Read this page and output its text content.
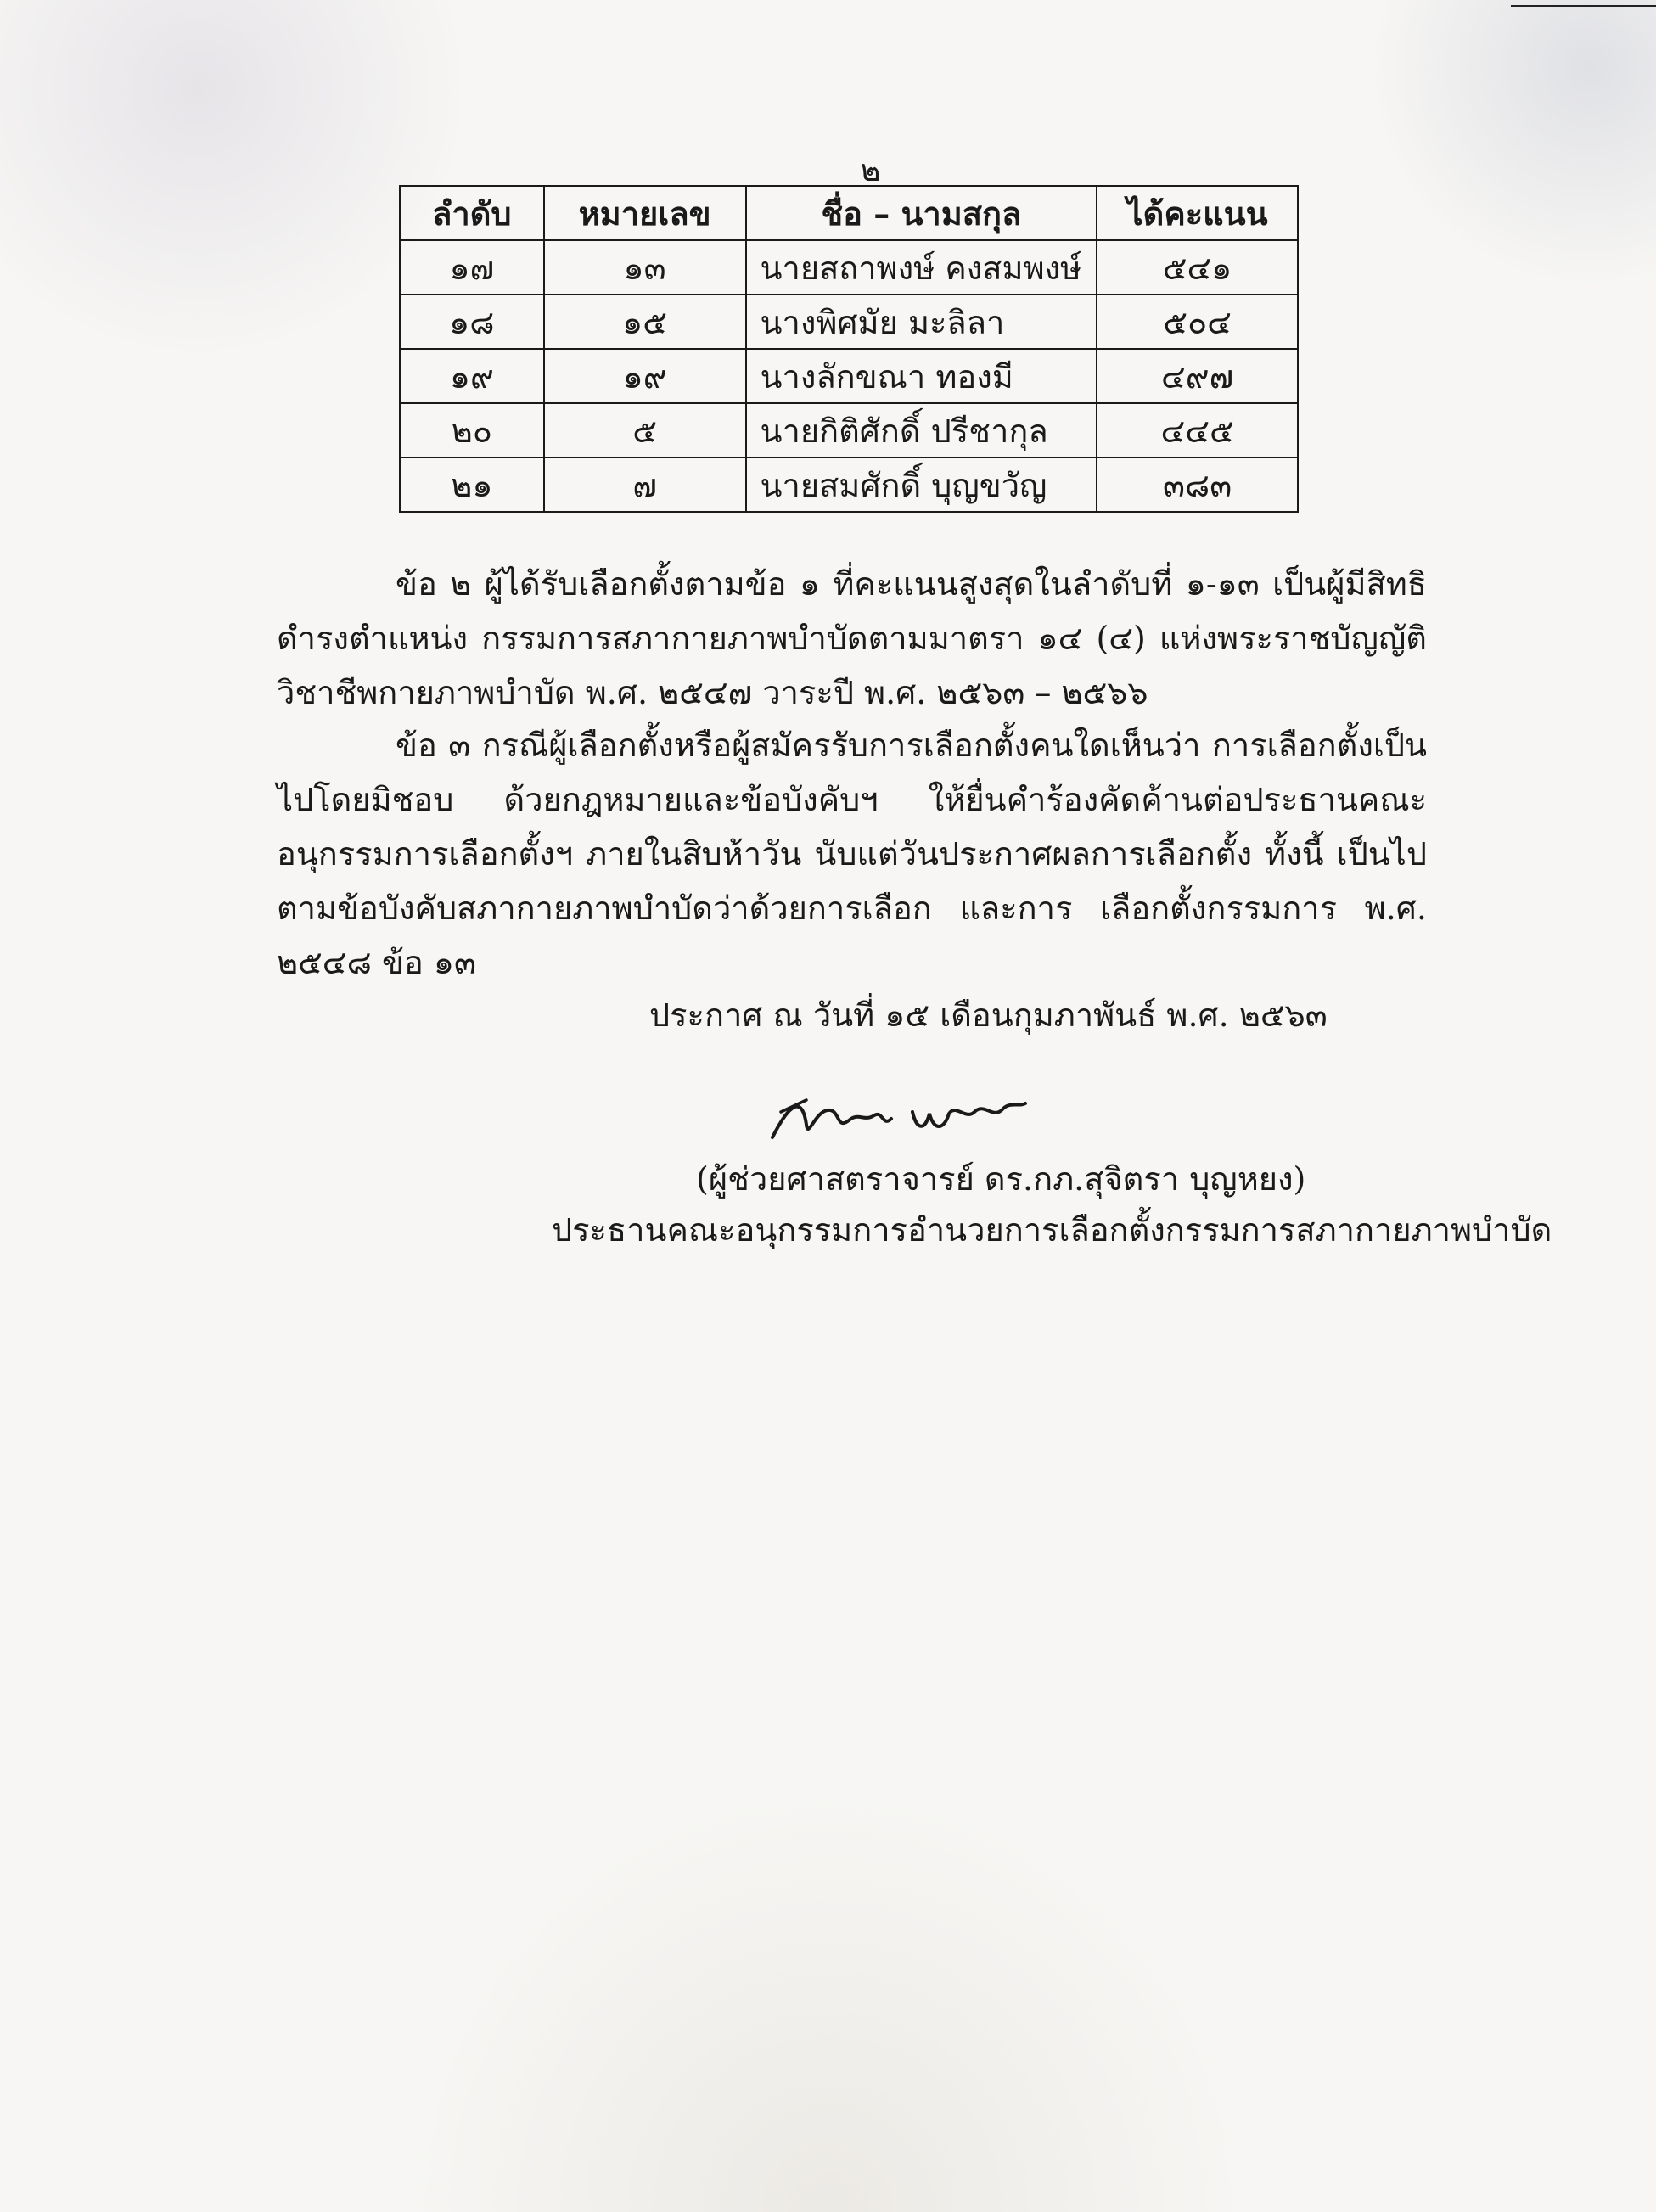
๒
ลำดับ	หมายเลข	ชื่อ – นามสกุล	ได้คะแนน
๑๗	๑๓	นายสถาพงษ์ คงสมพงษ์	๕๔๑
๑๘	๑๕	นางพิศมัย มะลิลา	๕๐๔
๑๙	๑๙	นางลักขณา ทองมี	๔๙๗
๒๐	๕	นายกิติศักดิ์ ปรีชากุล	๔๔๕
๒๑	๗	นายสมศักดิ์ บุญขวัญ	๓๘๓

ข้อ ๒ ผู้ได้รับเลือกตั้งตามข้อ ๑ ที่คะแนนสูงสุดในลำดับที่ ๑-๑๓ เป็นผู้มีสิทธิดำรงตำแหน่ง กรรมการสภากายภาพบำบัดตามมาตรา ๑๔ (๔) แห่งพระราชบัญญัติวิชาชีพกายภาพบำบัด พ.ศ. ๒๕๔๗ วาระปี พ.ศ. ๒๕๖๓ – ๒๕๖๖

ข้อ ๓ กรณีผู้เลือกตั้งหรือผู้สมัครรับการเลือกตั้งคนใดเห็นว่า การเลือกตั้งเป็นไปโดยมิชอบ ด้วยกฎหมายและข้อบังคับฯ ให้ยื่นคำร้องคัดค้านต่อประธานคณะอนุกรรมการเลือกตั้งฯ ภายในสิบห้าวัน นับแต่วันประกาศผลการเลือกตั้ง ทั้งนี้ เป็นไปตามข้อบังคับสภากายภาพบำบัดว่าด้วยการเลือก และการ เลือกตั้งกรรมการ พ.ศ. ๒๕๔๘ ข้อ ๑๓

ประกาศ ณ วันที่ ๑๕ เดือนกุมภาพันธ์ พ.ศ. ๒๕๖๓
(ผู้ช่วยศาสตราจารย์ ดร.กภ.สุจิตรา บุญหยง)
ประธานคณะอนุกรรมการอำนวยการเลือกตั้งกรรมการสภากายภาพบำบัด
